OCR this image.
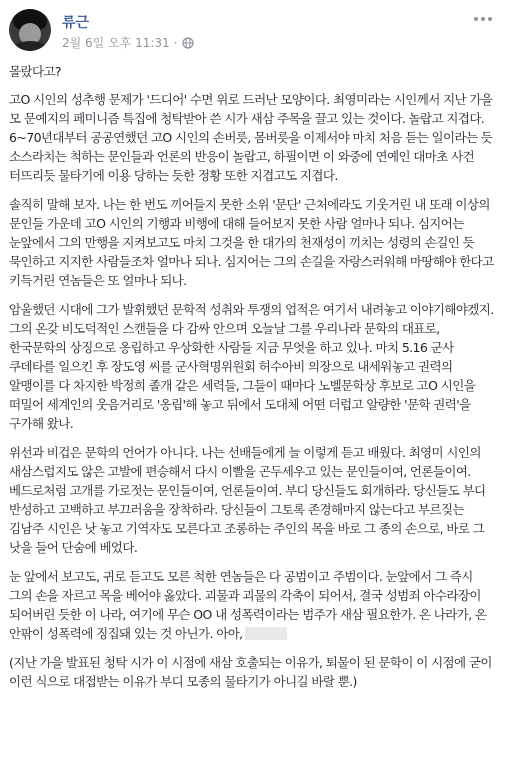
류근
2월 6일 오후 11:31 ·

몰랐다고?

고O 시인의 성추행 문제가 '드디어' 수면 위로 드러난 모양이다. 최영미라는 시인께서 지난 가을 모 문예지의 페미니즘 특집에 청탁받아 쓴 시가 새삼 주목을 끌고 있는 것이다. 놀랍고 지겹다. 6~70년대부터 공공연했던 고O 시인의 손버릇, 몸버릇을 이제서야 마치 처음 듣는 일이라는 듯 소스라치는 척하는 문인들과 언론의 반응이 놀랍고, 하필이면 이 와중에 연예인 대마초 사건 터뜨리듯 물타기에 이용 당하는 듯한 정황 또한 지겹고도 지겹다.

솔직히 말해 보자. 나는 한 번도 끼어들지 못한 소위 '문단' 근처에라도 기웃거린 내 또래 이상의 문인들 가운데 고O 시인의 기행과 비행에 대해 들어보지 못한 사람 얼마나 되나. 심지어는 눈앞에서 그의 만행을 지켜보고도 마치 그것을 한 대가의 천재성이 끼치는 성령의 손길인 듯 묵인하고 지지한 사람들조차 얼마나 되나. 심지어는 그의 손길을 자랑스러워해 마땅해야 한다고 키득거린 연놈들은 또 얼마나 되나.

암울했던 시대에 그가 발휘했던 문학적 성취와 투쟁의 업적은 여기서 내려놓고 이야기해야겠지. 그의 온갖 비도덕적인 스캔들을 다 감싸 안으며 오늘날 그를 우리나라 문학의 대표로, 한국문학의 상징으로 옹립하고 우상화한 사람들 지금 무엇을 하고 있나. 마치 5.16 군사 쿠데타를 일으킨 후 장도영 씨를 군사혁명위원회 허수아비 의장으로 내세워놓고 권력의 알맹이를 다 차지한 박정희 졸개 같은 세력들, 그들이 때마다 노벨문학상 후보로 고O 시인을 떠밀어 세계인의 웃음거리로 '옹립'해 놓고 뒤에서 도대체 어떤 더럽고 알량한 '문학 권력'을 구가해 왔나.

위선과 비겁은 문학의 언어가 아니다. 나는 선배들에게 늘 이렇게 듣고 배웠다. 최영미 시인의 새삼스럽지도 않은 고발에 편승해서 다시 이빨을 곤두세우고 있는 문인들이여, 언론들이여. 베드로처럼 고개를 가로젓는 문인들이여, 언론들이여. 부디 당신들도 회개하라. 당신들도 부디 반성하고 고백하고 부끄러움을 장착하라. 당신들이 그토록 존경해마지 않는다고 부르짖는 김남주 시인은 낫 놓고 기역자도 모른다고 조롱하는 주인의 목을 바로 그 종의 손으로, 바로 그 낫을 들어 단숨에 베었다.

눈 앞에서 보고도, 귀로 듣고도 모른 척한 연놈들은 다 공범이고 주범이다. 눈앞에서 그 즉시 그의 손을 자르고 목을 베어야 옳았다. 괴물과 괴물의 각축이 되어서, 결국 성범죄 아수라장이 되어버린 듯한 이 나라, 여기에 무슨 OO 내 성폭력이라는 범주가 새삼 필요한가. 온 나라가, 온 안팎이 성폭력에 징집돼 있는 것 아닌가. 아아,

(지난 가을 발표된 청탁 시가 이 시점에 새삼 호출되는 이유가, 퇴물이 된 문학이 이 시점에 굳이 이런 식으로 대접받는 이유가 부디 모종의 물타기가 아니길 바랄 뿐.)
